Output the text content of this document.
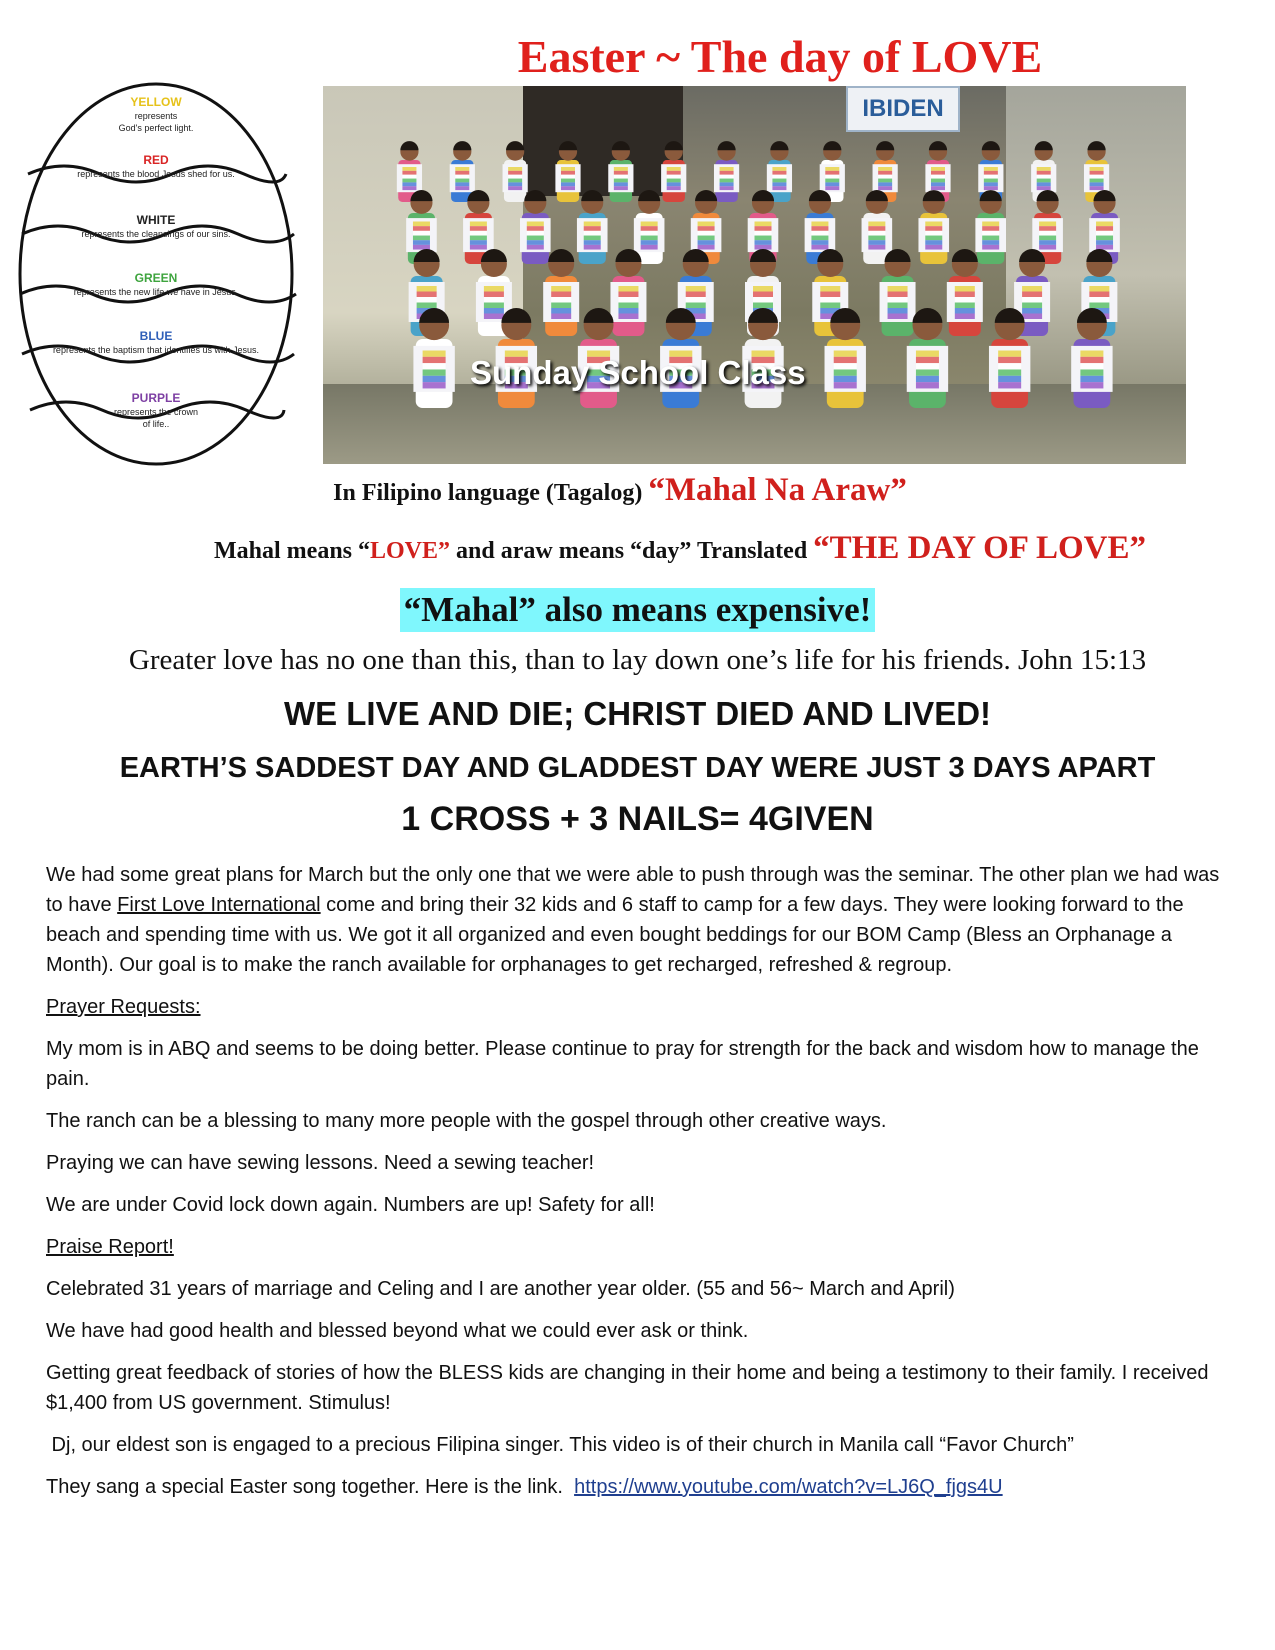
Easter ~ The day of LOVE
YELLOW
represents
God's perfect light.
RED
represents the blood Jesus shed for us.
WHITE
represents the cleansings of our sins.
GREEN
represents the new life we have in Jesus.
BLUE
represents the baptism that identifies us with Jesus.
PURPLE
represents the crown
of life..
IBIDEN
Sunday School Class

In Filipino language (Tagalog) “Mahal Na Araw”

Mahal means “LOVE” and araw means “day” Translated “THE DAY OF LOVE”

“Mahal” also means expensive!

Greater love has no one than this, than to lay down one’s life for his friends. John 15:13

WE LIVE AND DIE; CHRIST DIED AND LIVED!

EARTH’S SADDEST DAY AND GLADDEST DAY WERE JUST 3 DAYS APART

1 CROSS + 3 NAILS= 4GIVEN

We had some great plans for March but the only one that we were able to push through was the seminar. The other plan we had was to have First Love International come and bring their 32 kids and 6 staff to camp for a few days. They were looking forward to the beach and spending time with us. We got it all organized and even bought beddings for our BOM Camp (Bless an Orphanage a Month). Our goal is to make the ranch available for orphanages to get recharged, refreshed & regroup.

Prayer Requests:

My mom is in ABQ and seems to be doing better. Please continue to pray for strength for the back and wisdom how to manage the pain.

The ranch can be a blessing to many more people with the gospel through other creative ways.

Praying we can have sewing lessons. Need a sewing teacher!

We are under Covid lock down again. Numbers are up! Safety for all!

Praise Report!

Celebrated 31 years of marriage and Celing and I are another year older. (55 and 56~ March and April)

We have had good health and blessed beyond what we could ever ask or think.

Getting great feedback of stories of how the BLESS kids are changing in their home and being a testimony to their family. I received $1,400 from US government. Stimulus!

Dj, our eldest son is engaged to a precious Filipina singer. This video is of their church in Manila call “Favor Church”

They sang a special Easter song together. Here is the link.  https://www.youtube.com/watch?v=LJ6Q_fjgs4U
